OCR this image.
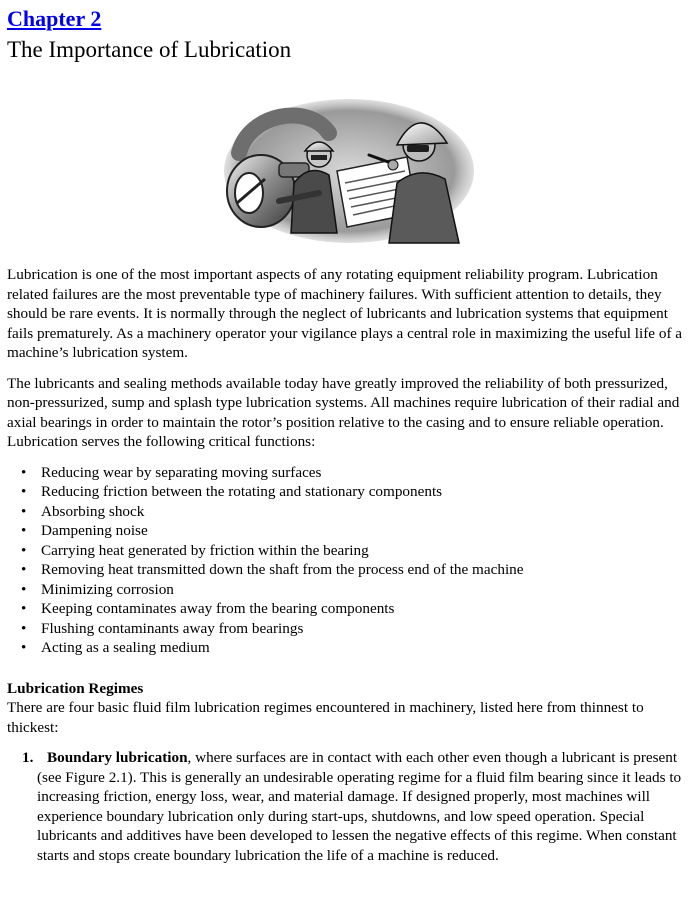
Chapter 2
The Importance of Lubrication

Lubrication is one of the most important aspects of any rotating equipment reliability program. Lubrication related failures are the most preventable type of machinery failures. With sufficient attention to details, they should be rare events. It is normally through the neglect of lubricants and lubrication systems that equipment fails prematurely. As a machinery operator your vigilance plays a central role in maximizing the useful life of a machine’s lubrication system.

The lubricants and sealing methods available today have greatly improved the reliability of both pressurized, non-pressurized, sump and splash type lubrication systems. All machines require lubrication of their radial and axial bearings in order to maintain the rotor’s position relative to the casing and to ensure reliable operation. Lubrication serves the following critical functions:

• Reducing wear by separating moving surfaces
• Reducing friction between the rotating and stationary components
• Absorbing shock
• Dampening noise
• Carrying heat generated by friction within the bearing
• Removing heat transmitted down the shaft from the process end of the machine
• Minimizing corrosion
• Keeping contaminates away from the bearing components
• Flushing contaminants away from bearings
• Acting as a sealing medium
Lubrication Regimes

There are four basic fluid film lubrication regimes encountered in machinery, listed here from thinnest to thickest:

1. Boundary lubrication, where surfaces are in contact with each other even though a lubricant is present (see Figure 2.1). This is generally an undesirable operating regime for a fluid film bearing since it leads to increasing friction, energy loss, wear, and material damage. If designed properly, most machines will experience boundary lubrication only during start-ups, shutdowns, and low speed operation. Special lubricants and additives have been developed to lessen the negative effects of this regime. When constant starts and stops create boundary lubrication the life of a machine is reduced.
